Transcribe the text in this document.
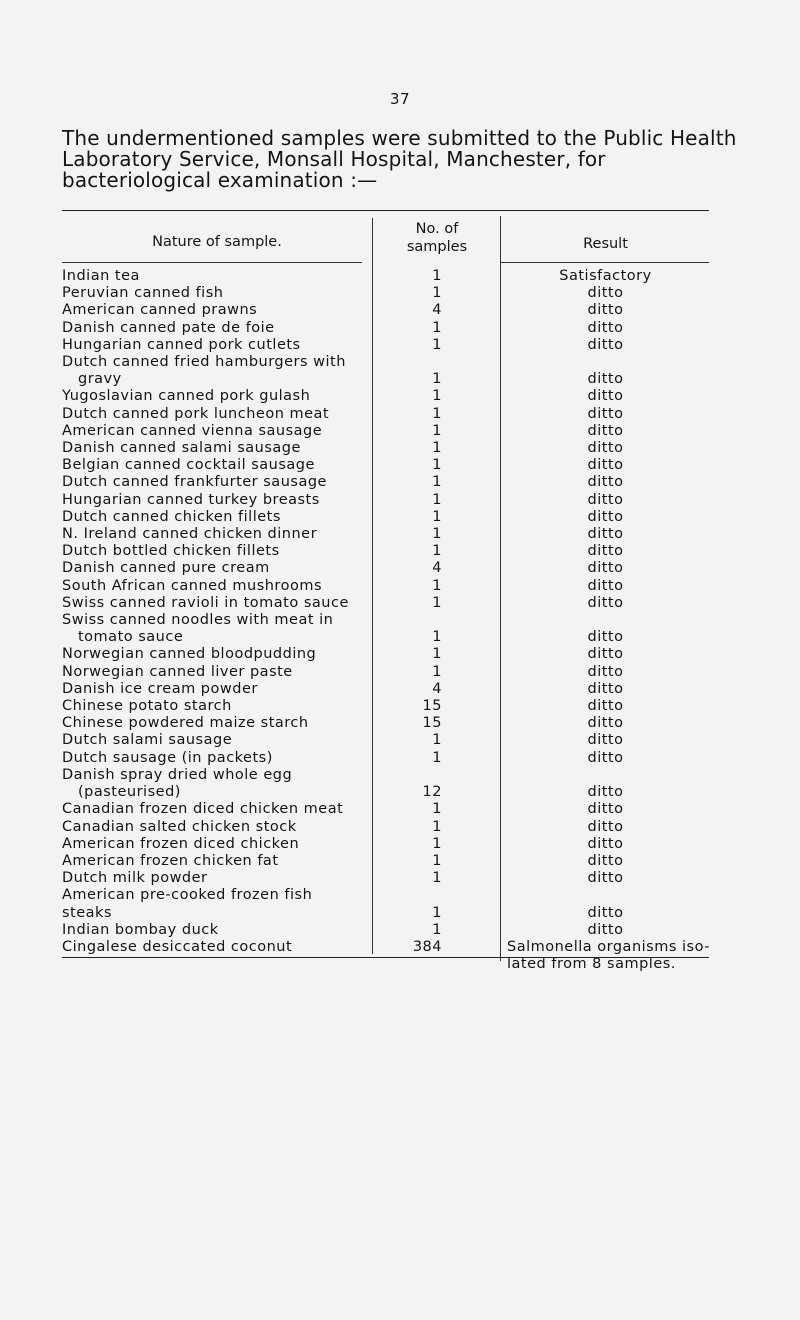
37

The undermentioned samples were submitted to the Public Health Laboratory Service, Monsall Hospital, Manchester, for bacteriological examination :—

Nature of sample.
No. of
samples	Result
Indian tea	1	Satisfactory
Peruvian canned fish	1	ditto
American canned prawns	4	ditto
Danish canned pate de foie	1	ditto
Hungarian canned pork cutlets	1	ditto
Dutch canned fried hamburgers with
gravy	1	ditto
Yugoslavian canned pork gulash	1	ditto
Dutch canned pork luncheon meat	1	ditto
American canned vienna sausage	1	ditto
Danish canned salami sausage	1	ditto
Belgian canned cocktail sausage	1	ditto
Dutch canned frankfurter sausage	1	ditto
Hungarian canned turkey breasts	1	ditto
Dutch canned chicken fillets	1	ditto
N. Ireland canned chicken dinner	1	ditto
Dutch bottled chicken fillets	1	ditto
Danish canned pure cream	4	ditto
South African canned mushrooms	1	ditto
Swiss canned ravioli in tomato sauce	1	ditto
Swiss canned noodles with meat in
tomato sauce	1	ditto
Norwegian canned bloodpudding	1	ditto
Norwegian canned liver paste	1	ditto
Danish ice cream powder	4	ditto
Chinese potato starch	15	ditto
Chinese powdered maize starch	15	ditto
Dutch salami sausage	1	ditto
Dutch sausage (in packets)	1	ditto
Danish spray dried whole egg
(pasteurised)	12	ditto
Canadian frozen diced chicken meat	1	ditto
Canadian salted chicken stock	1	ditto
American frozen diced chicken	1	ditto
American frozen chicken fat	1	ditto
Dutch milk powder	1	ditto
American pre-cooked frozen fish steaks	1	ditto
Indian bombay duck	1	ditto
Cingalese desiccated coconut	384	Salmonella organisms iso-
lated from 8 samples.
